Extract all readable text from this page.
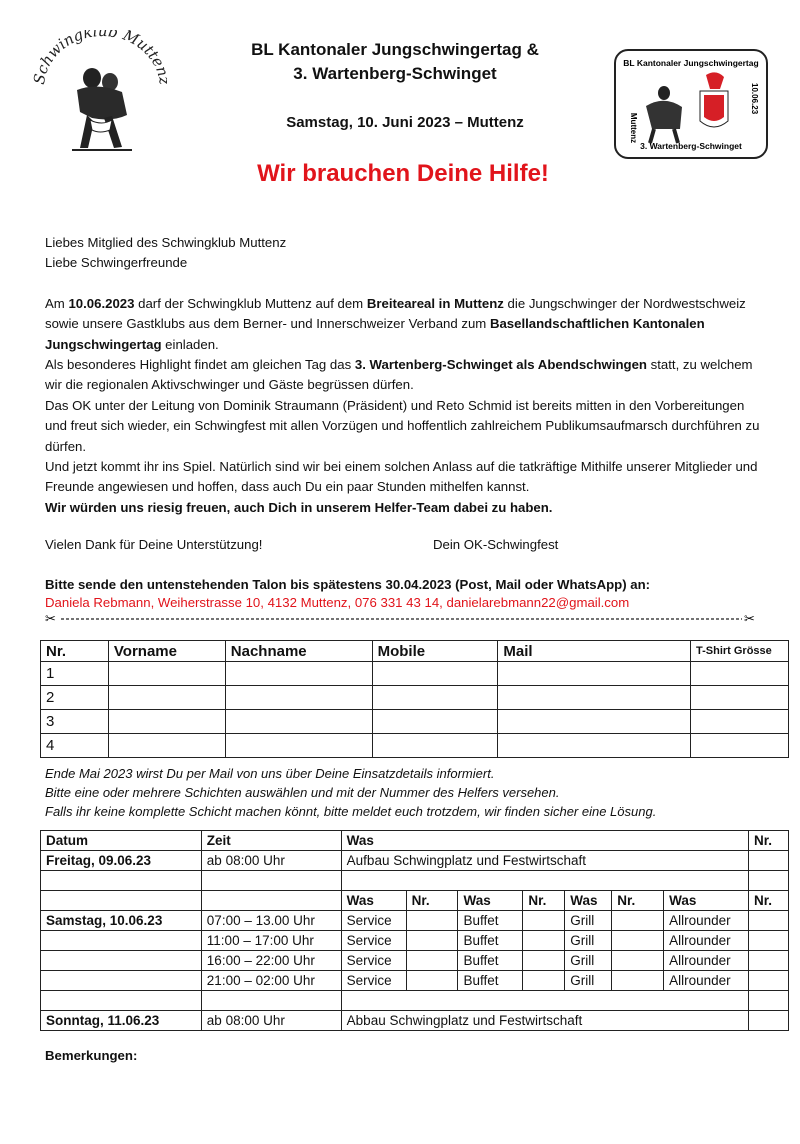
chwingklub Mutte
BL Kantonaler Jungschwingertag &
3. Wartenberg-Schwinget
Samstag, 10. Juni 2023 – Muttenz
BL Kantonaler Jungschwingertag
Muttenz
10.06.23
3. Wartenberg-Schwinget
Wir brauchen Deine Hilfe!

Liebes Mitglied des Schwingklub Muttenz

Liebe Schwingerfreunde

Am 10.06.2023 darf der Schwingklub Muttenz auf dem Breiteareal in Muttenz die Jungschwinger der Nordwestschweiz sowie unsere Gastklubs aus dem Berner- und Innerschweizer Verband zum Basellandschaftlichen Kantonalen Jungschwingertag einladen.

Als besonderes Highlight findet am gleichen Tag das 3. Wartenberg-Schwinget als Abendschwingen statt, zu welchem wir die regionalen Aktivschwinger und Gäste begrüssen dürfen.

Das OK unter der Leitung von Dominik Straumann (Präsident) und Reto Schmid ist bereits mitten in den Vorbereitungen und freut sich wieder, ein Schwingfest mit allen Vorzügen und hoffentlich zahlreichem Publikumsaufmarsch durchführen zu dürfen.

Und jetzt kommt ihr ins Spiel. Natürlich sind wir bei einem solchen Anlass auf die tatkräftige Mithilfe unserer Mitglieder und Freunde angewiesen und hoffen, dass auch Du ein paar Stunden mithelfen kannst.

Wir würden uns riesig freuen, auch Dich in unserem Helfer-Team dabei zu haben.

Vielen Dank für Deine Unterstützung!	Dein OK-Schwingfest
Bitte sende den untenstehenden Talon bis spätestens 30.04.2023 (Post, Mail oder WhatsApp) an:
Daniela Rebmann, Weiherstrasse 10, 4132 Muttenz, 076 331 43 14, danielarebmann22@gmail.com
✂	✂
Nr.	Vorname	Nachname	Mobile	Mail	T-Shirt Grösse
1					
2					
3					
4					
Ende Mai 2023 wirst Du per Mail von uns über Deine Einsatzdetails informiert.
Bitte eine oder mehrere Schichten auswählen und mit der Nummer des Helfers versehen.
Falls ihr keine komplette Schicht machen könnt, bitte meldet euch trotzdem, wir finden sicher eine Lösung.
Datum	Zeit	Was							Nr.
Freitag, 09.06.23	ab 08:00 Uhr	Aufbau Schwingplatz und Festwirtschaft							

		Was	Nr.	Was	Nr.	Was	Nr.	Was	Nr.
Samstag, 10.06.23	07:00 – 13.00 Uhr	Service		Buffet		Grill		Allrounder	
	11:00 – 17:00 Uhr	Service		Buffet		Grill		Allrounder	
	16:00 – 22:00 Uhr	Service		Buffet		Grill		Allrounder	
	21:00 – 02:00 Uhr	Service		Buffet		Grill		Allrounder	

Sonntag, 11.06.23	ab 08:00 Uhr	Abbau Schwingplatz und Festwirtschaft							
Bemerkungen:
